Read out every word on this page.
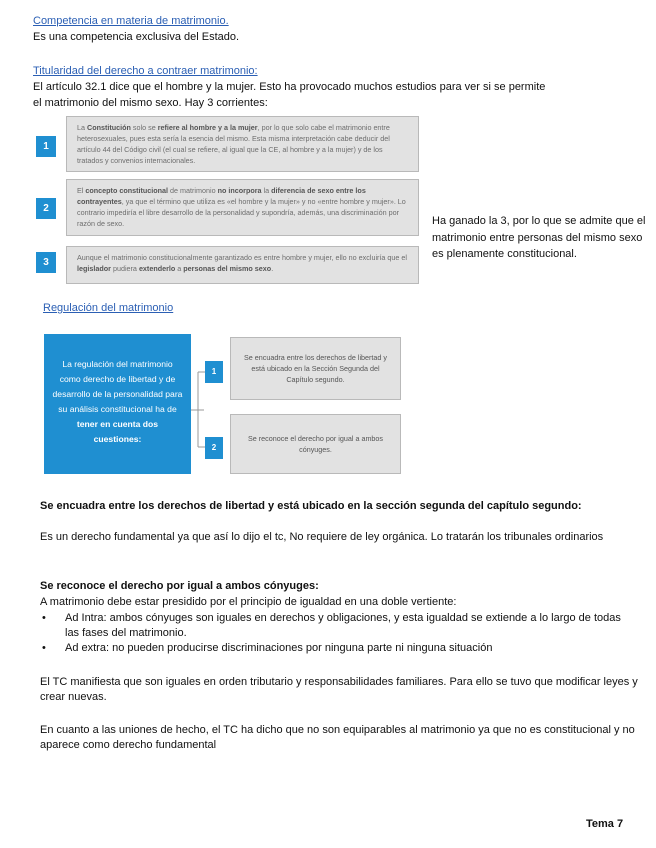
Competencia en materia de matrimonio.
Es una competencia exclusiva del Estado.
Titularidad del derecho a contraer matrimonio:
El artículo 32.1 dice que el hombre y la mujer. Esto ha provocado muchos estudios para ver si se permite
el matrimonio del mismo sexo. Hay 3 corrientes:
1
La Constitución solo se refiere al hombre y a la mujer, por lo que solo cabe el matrimonio entre heterosexuales, pues esta sería la esencia del mismo. Esta misma interpretación cabe deducir del artículo 44 del Código civil (el cual se refiere, al igual que la CE, al hombre y a la mujer) y de los tratados y convenios internacionales.
2
El concepto constitucional de matrimonio no incorpora la diferencia de sexo entre los contrayentes, ya que el término que utiliza es «el hombre y la mujer» y no «entre hombre y mujer». Lo contrario impediría el libre desarrollo de la personalidad y supondría, además, una discriminación por razón de sexo.
3	Aunque el matrimonio constitucionalmente garantizado es entre hombre y mujer, ello no excluiría que el legislador pudiera extenderlo a personas del mismo sexo.
Ha ganado la 3, por lo que se admite que el matrimonio entre personas del mismo sexo es plenamente constitucional.
Regulación del matrimonio
La regulación del matrimonio como derecho de libertad y de desarrollo de la personalidad para su análisis constitucional ha de tener en cuenta dos cuestiones:
1
Se encuadra entre los derechos de libertad y está ubicado en la Sección Segunda del Capítulo segundo.
2
Se reconoce el derecho por igual a ambos cónyuges.
Se encuadra entre los derechos de libertad y está ubicado en la sección segunda del capítulo segundo:
Es un derecho fundamental ya que así lo dijo el tc, No requiere de ley orgánica. Lo tratarán los tribunales ordinarios
Se reconoce el derecho por igual a ambos cónyuges:
A matrimonio debe estar presidido por el principio de igualdad en una doble vertiente:
• Ad Intra: ambos cónyuges son iguales en derechos y obligaciones, y esta igualdad se extiende a lo largo de todas las fases del matrimonio.
• Ad extra: no pueden producirse discriminaciones por ninguna parte ni ninguna situación
El TC manifiesta que son iguales en orden tributario y responsabilidades familiares. Para ello se tuvo que modificar leyes y crear nuevas.
En cuanto a las uniones de hecho, el TC ha dicho que no son equiparables al matrimonio ya que no es constitucional y no aparece como derecho fundamental
Tema 7
